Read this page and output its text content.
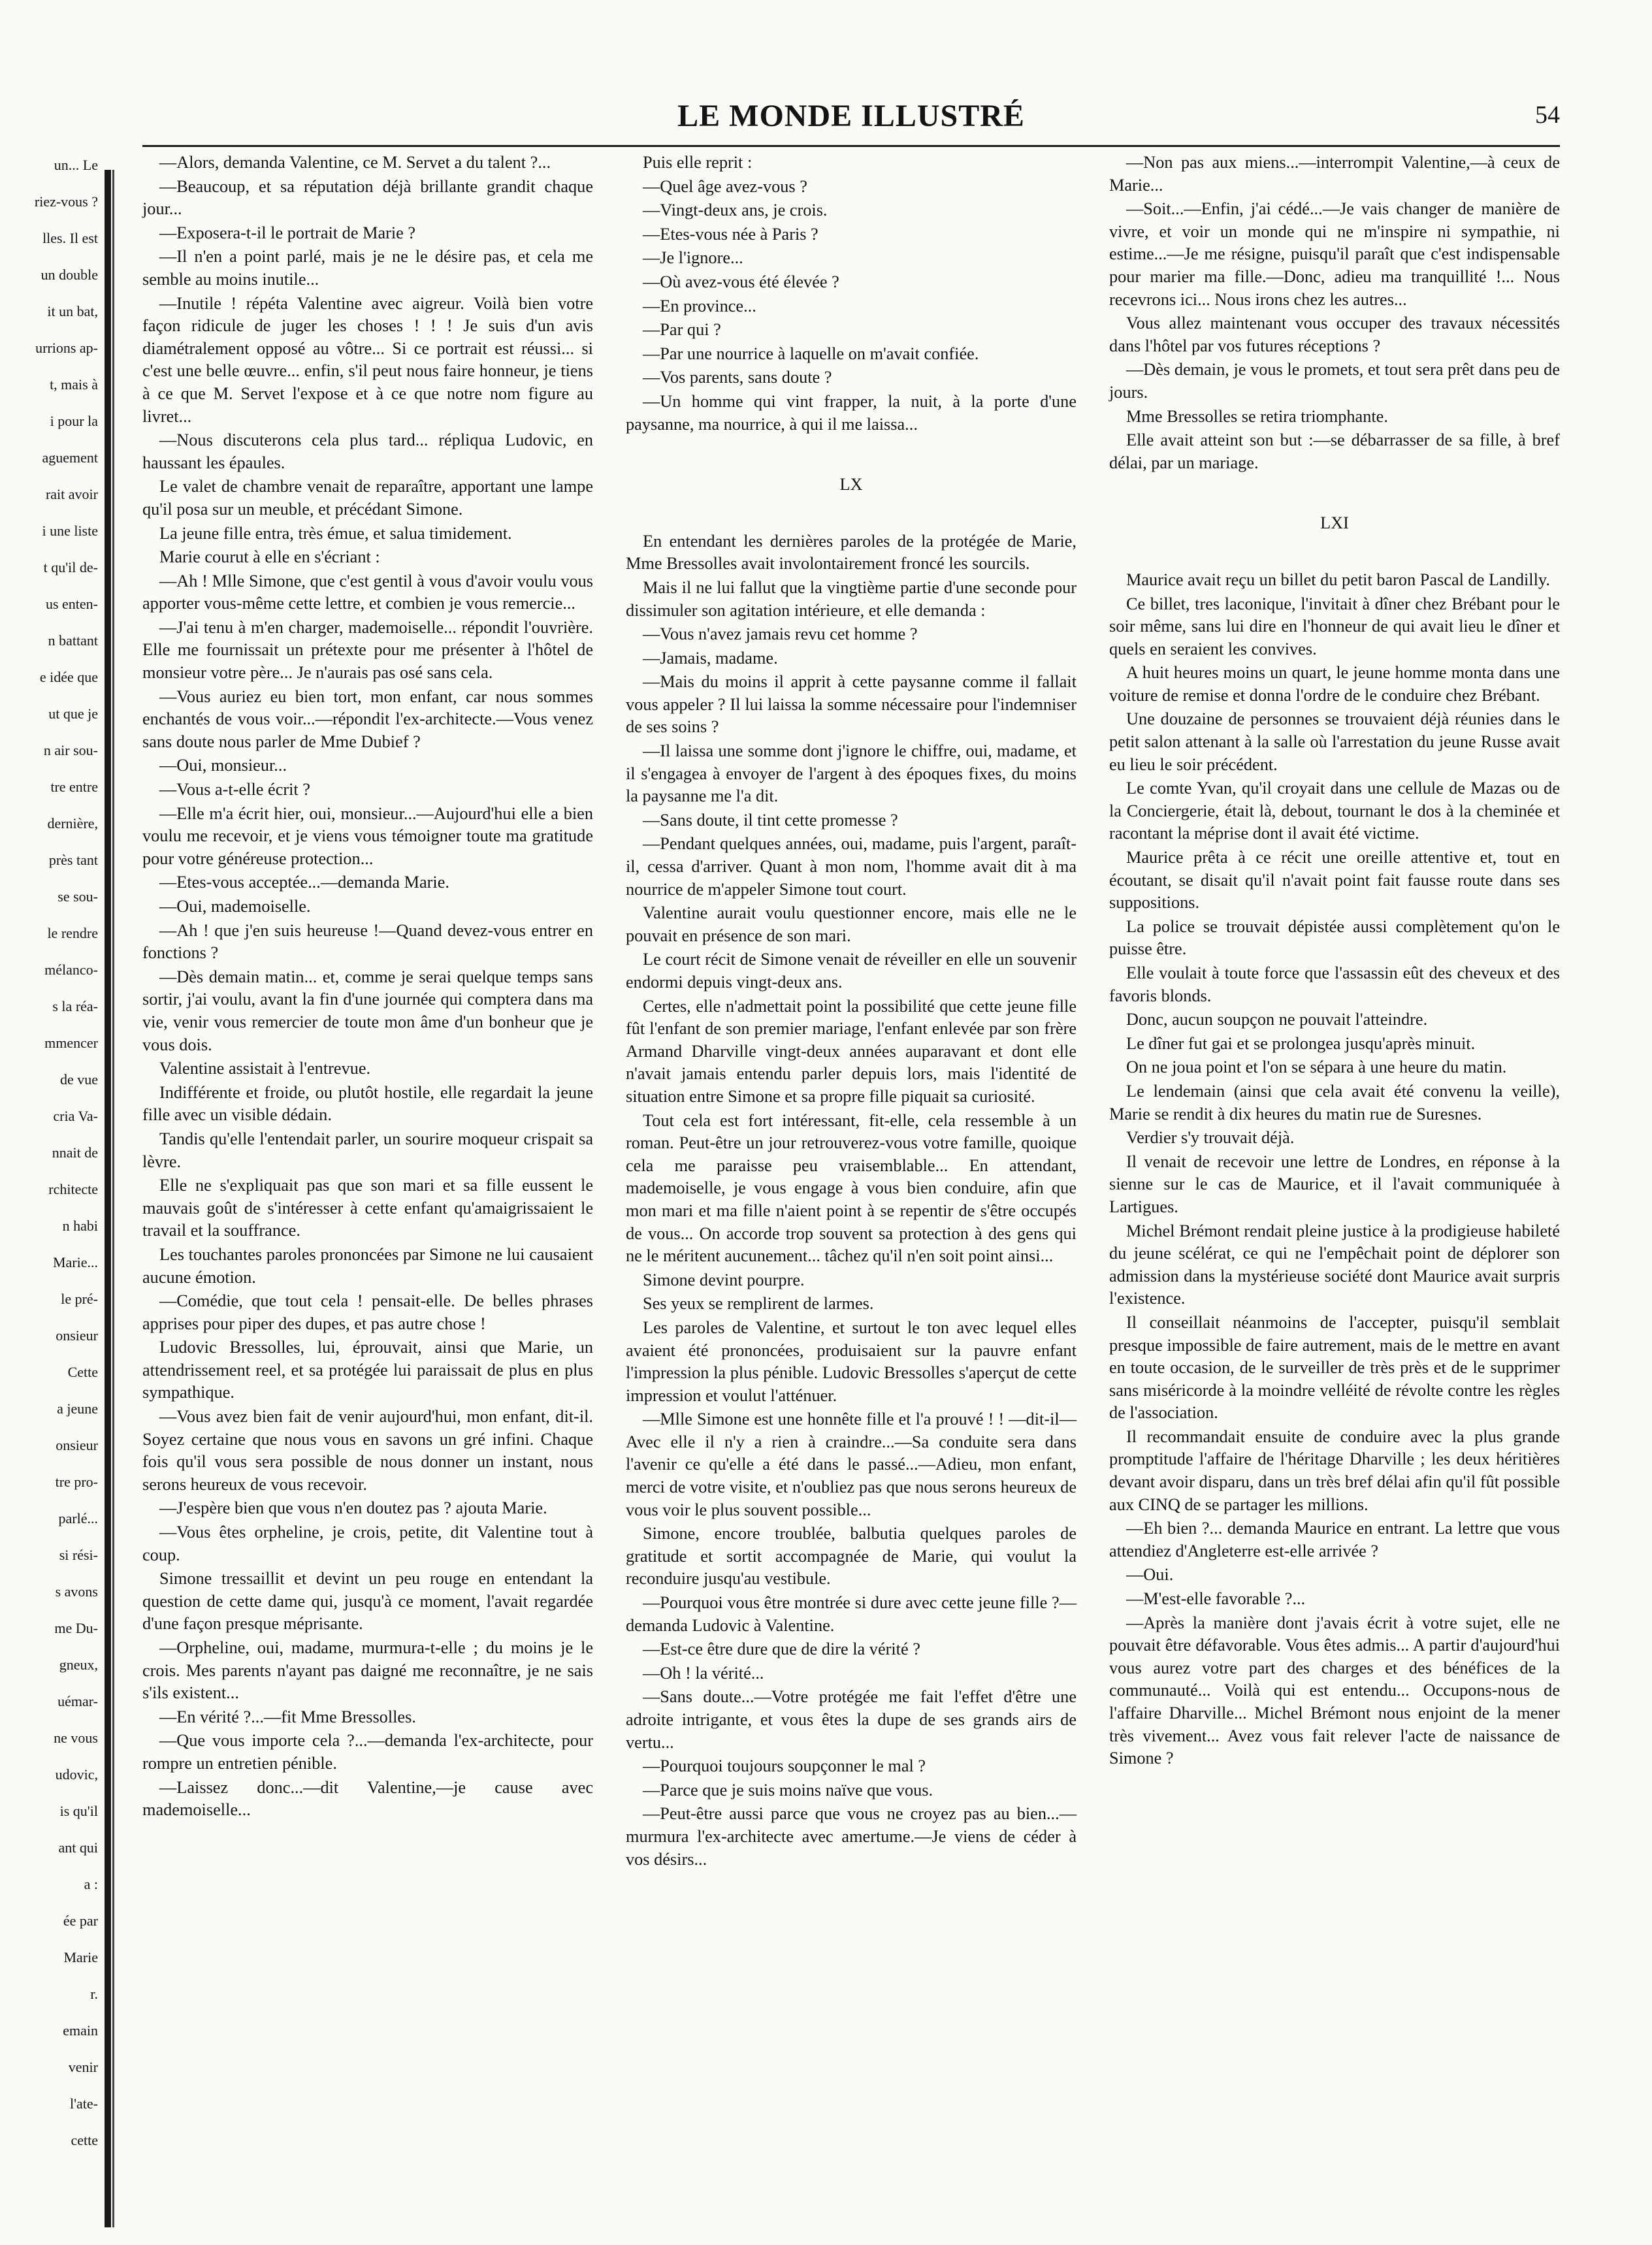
un... Le
riez-vous ?
lles. Il est
un double
it un bat,
urrions ap-
t, mais à
i pour la
aguement
rait avoir
i une liste
t qu'il de-
us enten-
n battant
e idée que
ut que je
n air sou-
tre entre
dernière,
près tant
se sou-
le rendre
mélanco-
s la réa-
mmencer
de vue
cria Va-
nnait de
rchitecte
n habi
Marie...
le pré-
onsieur
Cette
a jeune
onsieur
tre pro-
parlé...
si rési-
s avons
me Du-
gneux,
uémar-
ne vous
udovic,
is qu'il
ant qui
a :
ée par
Marie
r.
emain
venir
l'ate-
cette
LE MONDE ILLUSTRÉ	54

—Alors, demanda Valentine, ce M. Servet a du talent ?...

—Beaucoup, et sa réputation déjà brillante grandit chaque jour...

—Exposera-t-il le portrait de Marie ?

—Il n'en a point parlé, mais je ne le désire pas, et cela me semble au moins inutile...

—Inutile ! répéta Valentine avec aigreur. Voilà bien votre façon ridicule de juger les choses ! ! ! Je suis d'un avis diamétralement opposé au vôtre... Si ce portrait est réussi... si c'est une belle œuvre... enfin, s'il peut nous faire honneur, je tiens à ce que M. Servet l'expose et à ce que notre nom figure au livret...

—Nous discuterons cela plus tard... répliqua Ludovic, en haussant les épaules.

Le valet de chambre venait de reparaître, apportant une lampe qu'il posa sur un meuble, et précédant Simone.

La jeune fille entra, très émue, et salua timidement.

Marie courut à elle en s'écriant :

—Ah ! Mlle Simone, que c'est gentil à vous d'avoir voulu vous apporter vous-même cette lettre, et combien je vous remercie...

—J'ai tenu à m'en charger, mademoiselle... répondit l'ouvrière. Elle me fournissait un prétexte pour me présenter à l'hôtel de monsieur votre père... Je n'aurais pas osé sans cela.

—Vous auriez eu bien tort, mon enfant, car nous sommes enchantés de vous voir...—répondit l'ex-architecte.—Vous venez sans doute nous parler de Mme Dubief ?

—Oui, monsieur...

—Vous a-t-elle écrit ?

—Elle m'a écrit hier, oui, monsieur...—Aujourd'hui elle a bien voulu me recevoir, et je viens vous témoigner toute ma gratitude pour votre généreuse protection...

—Etes-vous acceptée...—demanda Marie.

—Oui, mademoiselle.

—Ah ! que j'en suis heureuse !—Quand devez-vous entrer en fonctions ?

—Dès demain matin... et, comme je serai quelque temps sans sortir, j'ai voulu, avant la fin d'une journée qui comptera dans ma vie, venir vous remercier de toute mon âme d'un bonheur que je vous dois.

Valentine assistait à l'entrevue.

Indifférente et froide, ou plutôt hostile, elle regardait la jeune fille avec un visible dédain.

Tandis qu'elle l'entendait parler, un sourire moqueur crispait sa lèvre.

Elle ne s'expliquait pas que son mari et sa fille eussent le mauvais goût de s'intéresser à cette enfant qu'amaigrissaient le travail et la souffrance.

Les touchantes paroles prononcées par Simone ne lui causaient aucune émotion.

—Comédie, que tout cela ! pensait-elle. De belles phrases apprises pour piper des dupes, et pas autre chose !

Ludovic Bressolles, lui, éprouvait, ainsi que Marie, un attendrissement reel, et sa protégée lui paraissait de plus en plus sympathique.

—Vous avez bien fait de venir aujourd'hui, mon enfant, dit-il. Soyez certaine que nous vous en savons un gré infini. Chaque fois qu'il vous sera possible de nous donner un instant, nous serons heureux de vous recevoir.

—J'espère bien que vous n'en doutez pas ? ajouta Marie.

—Vous êtes orpheline, je crois, petite, dit Valentine tout à coup.

Simone tressaillit et devint un peu rouge en entendant la question de cette dame qui, jusqu'à ce moment, l'avait regardée d'une façon presque méprisante.

—Orpheline, oui, madame, murmura-t-elle ; du moins je le crois. Mes parents n'ayant pas daigné me reconnaître, je ne sais s'ils existent...

—En vérité ?...—fit Mme Bressolles.

—Que vous importe cela ?...—demanda l'ex-architecte, pour rompre un entretien pénible.

—Laissez donc...—dit Valentine,—je cause avec mademoiselle...

Puis elle reprit :

—Quel âge avez-vous ?

—Vingt-deux ans, je crois.

—Etes-vous née à Paris ?

—Je l'ignore...

—Où avez-vous été élevée ?

—En province...

—Par qui ?

—Par une nourrice à laquelle on m'avait confiée.

—Vos parents, sans doute ?

—Un homme qui vint frapper, la nuit, à la porte d'une paysanne, ma nourrice, à qui il me laissa...

LX

En entendant les dernières paroles de la protégée de Marie, Mme Bressolles avait involontairement froncé les sourcils.

Mais il ne lui fallut que la vingtième partie d'une seconde pour dissimuler son agitation intérieure, et elle demanda :

—Vous n'avez jamais revu cet homme ?

—Jamais, madame.

—Mais du moins il apprit à cette paysanne comme il fallait vous appeler ? Il lui laissa la somme nécessaire pour l'indemniser de ses soins ?

—Il laissa une somme dont j'ignore le chiffre, oui, madame, et il s'engagea à envoyer de l'argent à des époques fixes, du moins la paysanne me l'a dit.

—Sans doute, il tint cette promesse ?

—Pendant quelques années, oui, madame, puis l'argent, paraît-il, cessa d'arriver. Quant à mon nom, l'homme avait dit à ma nourrice de m'appeler Simone tout court.

Valentine aurait voulu questionner encore, mais elle ne le pouvait en présence de son mari.

Le court récit de Simone venait de réveiller en elle un souvenir endormi depuis vingt-deux ans.

Certes, elle n'admettait point la possibilité que cette jeune fille fût l'enfant de son premier mariage, l'enfant enlevée par son frère Armand Dharville vingt-deux années auparavant et dont elle n'avait jamais entendu parler depuis lors, mais l'identité de situation entre Simone et sa propre fille piquait sa curiosité.

Tout cela est fort intéressant, fit-elle, cela ressemble à un roman. Peut-être un jour retrouverez-vous votre famille, quoique cela me paraisse peu vraisemblable... En attendant, mademoiselle, je vous engage à vous bien conduire, afin que mon mari et ma fille n'aient point à se repentir de s'être occupés de vous... On accorde trop souvent sa protection à des gens qui ne le méritent aucunement... tâchez qu'il n'en soit point ainsi...

Simone devint pourpre.

Ses yeux se remplirent de larmes.

Les paroles de Valentine, et surtout le ton avec lequel elles avaient été prononcées, produisaient sur la pauvre enfant l'impression la plus pénible. Ludovic Bressolles s'aperçut de cette impression et voulut l'atténuer.

—Mlle Simone est une honnête fille et l'a prouvé ! ! —dit-il—Avec elle il n'y a rien à craindre...—Sa conduite sera dans l'avenir ce qu'elle a été dans le passé...—Adieu, mon enfant, merci de votre visite, et n'oubliez pas que nous serons heureux de vous voir le plus souvent possible...

Simone, encore troublée, balbutia quelques paroles de gratitude et sortit accompagnée de Marie, qui voulut la reconduire jusqu'au vestibule.

—Pourquoi vous être montrée si dure avec cette jeune fille ?—demanda Ludovic à Valentine.

—Est-ce être dure que de dire la vérité ?

—Oh ! la vérité...

—Sans doute...—Votre protégée me fait l'effet d'être une adroite intrigante, et vous êtes la dupe de ses grands airs de vertu...

—Pourquoi toujours soupçonner le mal ?

—Parce que je suis moins naïve que vous.

—Peut-être aussi parce que vous ne croyez pas au bien...—murmura l'ex-architecte avec amertume.—Je viens de céder à vos désirs...

—Non pas aux miens...—interrompit Valentine,—à ceux de Marie...

—Soit...—Enfin, j'ai cédé...—Je vais changer de manière de vivre, et voir un monde qui ne m'inspire ni sympathie, ni estime...—Je me résigne, puisqu'il paraît que c'est indispensable pour marier ma fille.—Donc, adieu ma tranquillité !... Nous recevrons ici... Nous irons chez les autres...

Vous allez maintenant vous occuper des travaux nécessités dans l'hôtel par vos futures réceptions ?

—Dès demain, je vous le promets, et tout sera prêt dans peu de jours.

Mme Bressolles se retira triomphante.

Elle avait atteint son but :—se débarrasser de sa fille, à bref délai, par un mariage.

LXI

Maurice avait reçu un billet du petit baron Pascal de Landilly.

Ce billet, tres laconique, l'invitait à dîner chez Brébant pour le soir même, sans lui dire en l'honneur de qui avait lieu le dîner et quels en seraient les convives.

A huit heures moins un quart, le jeune homme monta dans une voiture de remise et donna l'ordre de le conduire chez Brébant.

Une douzaine de personnes se trouvaient déjà réunies dans le petit salon attenant à la salle où l'arrestation du jeune Russe avait eu lieu le soir précédent.

Le comte Yvan, qu'il croyait dans une cellule de Mazas ou de la Conciergerie, était là, debout, tournant le dos à la cheminée et racontant la méprise dont il avait été victime.

Maurice prêta à ce récit une oreille attentive et, tout en écoutant, se disait qu'il n'avait point fait fausse route dans ses suppositions.

La police se trouvait dépistée aussi complètement qu'on le puisse être.

Elle voulait à toute force que l'assassin eût des cheveux et des favoris blonds.

Donc, aucun soupçon ne pouvait l'atteindre.

Le dîner fut gai et se prolongea jusqu'après minuit.

On ne joua point et l'on se sépara à une heure du matin.

Le lendemain (ainsi que cela avait été convenu la veille), Marie se rendit à dix heures du matin rue de Suresnes.

Verdier s'y trouvait déjà.

Il venait de recevoir une lettre de Londres, en réponse à la sienne sur le cas de Maurice, et il l'avait communiquée à Lartigues.

Michel Brémont rendait pleine justice à la prodigieuse habileté du jeune scélérat, ce qui ne l'empêchait point de déplorer son admission dans la mystérieuse société dont Maurice avait surpris l'existence.

Il conseillait néanmoins de l'accepter, puisqu'il semblait presque impossible de faire autrement, mais de le mettre en avant en toute occasion, de le surveiller de très près et de le supprimer sans miséricorde à la moindre velléité de révolte contre les règles de l'association.

Il recommandait ensuite de conduire avec la plus grande promptitude l'affaire de l'héritage Dharville ; les deux héritières devant avoir disparu, dans un très bref délai afin qu'il fût possible aux CINQ de se partager les millions.

—Eh bien ?... demanda Maurice en entrant. La lettre que vous attendiez d'Angleterre est-elle arrivée ?

—Oui.

—M'est-elle favorable ?...

—Après la manière dont j'avais écrit à votre sujet, elle ne pouvait être défavorable. Vous êtes admis... A partir d'aujourd'hui vous aurez votre part des charges et des bénéfices de la communauté... Voilà qui est entendu... Occupons-nous de l'affaire Dharville... Michel Brémont nous enjoint de la mener très vivement... Avez vous fait relever l'acte de naissance de Simone ?
